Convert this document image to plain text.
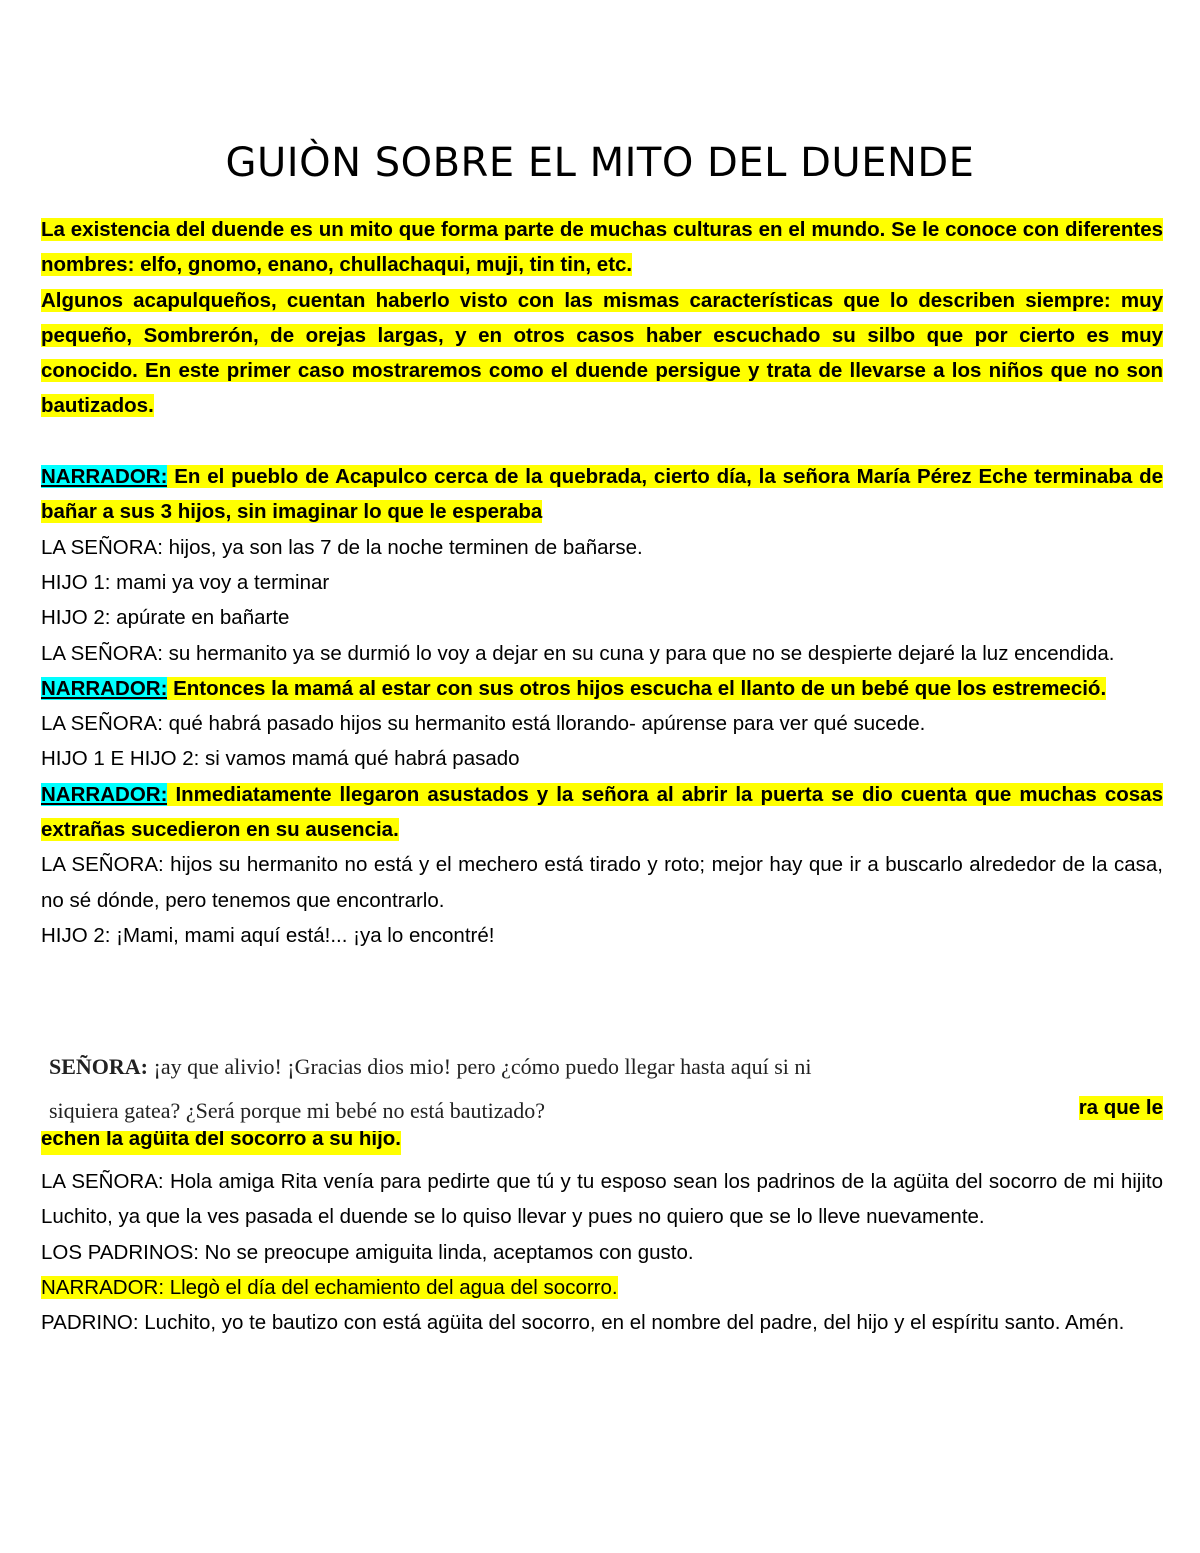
GUIÒN SOBRE EL MITO DEL DUENDE

La existencia del duende es un mito que forma parte de muchas culturas en el mundo. Se le conoce con diferentes nombres: elfo, gnomo, enano, chullachaqui, muji, tin tin, etc.

Algunos acapulqueños, cuentan haberlo visto con las mismas características que lo describen siempre: muy pequeño, Sombrerón, de orejas largas, y en otros casos haber escuchado su silbo que por cierto es muy conocido. En este primer caso mostraremos como el duende persigue y trata de llevarse a los niños que no son bautizados.

NARRADOR: En el pueblo de Acapulco cerca de la quebrada, cierto día, la señora María Pérez Eche terminaba de bañar a sus 3 hijos, sin imaginar lo que le esperaba

LA SEÑORA: hijos, ya son las 7 de la noche terminen de bañarse.

HIJO 1: mami ya voy a terminar

HIJO 2: apúrate en bañarte

LA SEÑORA: su hermanito ya se durmió lo voy a dejar en su cuna y para que no se despierte dejaré la luz encendida.

NARRADOR: Entonces la mamá al estar con sus otros hijos escucha el llanto de un bebé que los estremeció.

LA SEÑORA: qué habrá pasado hijos su hermanito está llorando- apúrense para ver qué sucede.

HIJO 1 E HIJO 2: si vamos mamá qué habrá pasado

NARRADOR: Inmediatamente llegaron asustados y la señora al abrir la puerta se dio cuenta que muchas cosas extrañas sucedieron en su ausencia.

LA SEÑORA: hijos su hermanito no está y el mechero está tirado y roto; mejor hay que ir a buscarlo alrededor de la casa, no sé dónde, pero tenemos que encontrarlo.

HIJO 2: ¡Mami, mami aquí está!... ¡ya lo encontré!

echen la agüita del socorro a su hijo.
SEÑORA: ¡ay que alivio! ¡Gracias dios mio! pero ¿cómo puedo llegar hasta aquí si ni
siquiera gatea? ¿Será porque mi bebé no está bautizado?	ra que le

LA SEÑORA: Hola amiga Rita venía para pedirte que tú y tu esposo sean los padrinos de la agüita del socorro de mi hijito Luchito, ya que la ves pasada el duende se lo quiso llevar y pues no quiero que se lo lleve nuevamente.

LOS PADRINOS: No se preocupe amiguita linda, aceptamos con gusto.

NARRADOR: Llegò el día del echamiento del agua del socorro.

PADRINO: Luchito, yo te bautizo con está agüita del socorro, en el nombre del padre, del hijo y el espíritu santo. Amén.
